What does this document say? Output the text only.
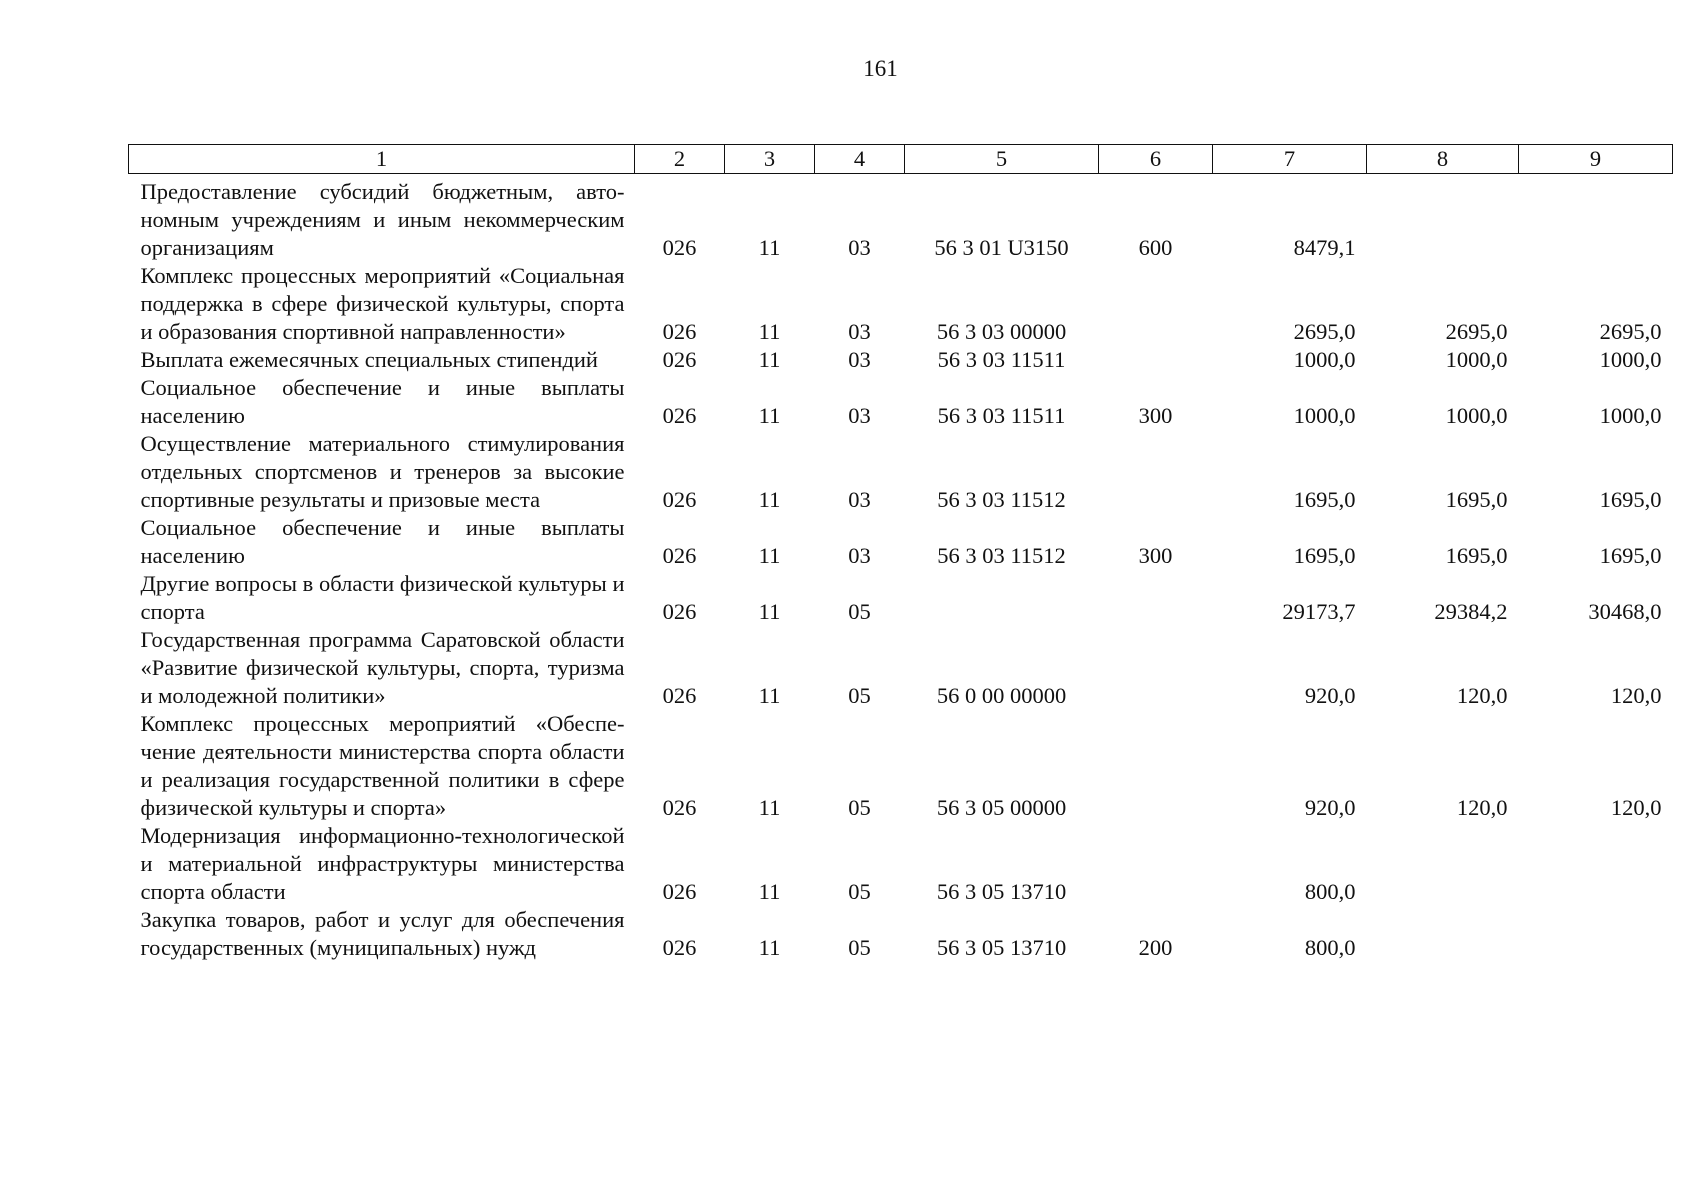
161
1	2	3	4	5	6	7	8	9
Предоставление субсидий бюджетным, автономным учреждениям и иным некоммерческим организациям	026	11	03	56 3 01 U3150	600	8479,1		
Комплекс процессных мероприятий «Социальная поддержка в сфере физической культуры, спорта и образования спортивной направленности»	026	11	03	56 3 03 00000		2695,0	2695,0	2695,0
Выплата ежемесячных специальных стипендий	026	11	03	56 3 03 11511		1000,0	1000,0	1000,0
Социальное обеспечение и иные выплаты населению	026	11	03	56 3 03 11511	300	1000,0	1000,0	1000,0
Осуществление материального стимулирования отдельных спортсменов и тренеров за высокие спортивные результаты и призовые места	026	11	03	56 3 03 11512		1695,0	1695,0	1695,0
Социальное обеспечение и иные выплаты населению	026	11	03	56 3 03 11512	300	1695,0	1695,0	1695,0
Другие вопросы в области физической культуры и спорта	026	11	05			29173,7	29384,2	30468,0
Государственная программа Саратовской области «Развитие физической культуры, спорта, туризма и молодежной политики»	026	11	05	56 0 00 00000		920,0	120,0	120,0
Комплекс процессных мероприятий «Обеспечение деятельности министерства спорта области и реализация государственной политики в сфере физической культуры и спорта»	026	11	05	56 3 05 00000		920,0	120,0	120,0
Модернизация информационно-технологической и материальной инфраструктуры министерства спорта области	026	11	05	56 3 05 13710		800,0		
Закупка товаров, работ и услуг для обеспечения государственных (муниципальных) нужд	026	11	05	56 3 05 13710	200	800,0		
